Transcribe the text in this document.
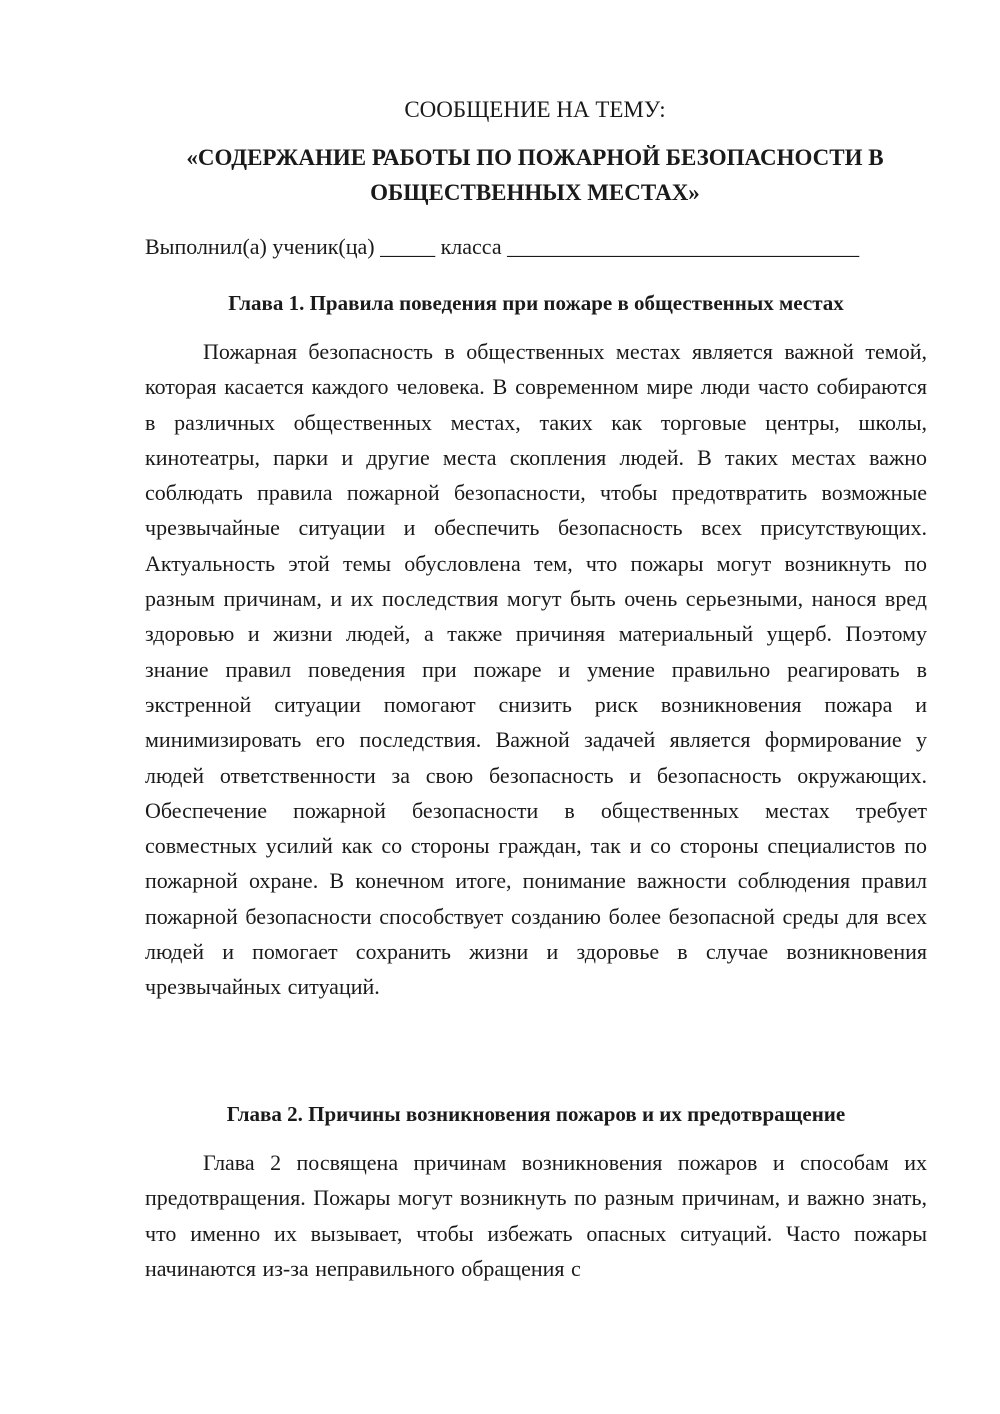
СООБЩЕНИЕ НА ТЕМУ:

«СОДЕРЖАНИЕ РАБОТЫ ПО ПОЖАРНОЙ БЕЗОПАСНОСТИ В ОБЩЕСТВЕННЫХ МЕСТАХ»
Выполнил(а) ученик(ца) _____ класса ________________________________
Глава 1. Правила поведения при пожаре в общественных местах

Пожарная безопасность в общественных местах является важной темой, которая касается каждого человека. В современном мире люди часто собираются в различных общественных местах, таких как торговые центры, школы, кинотеатры, парки и другие места скопления людей. В таких местах важно соблюдать правила пожарной безопасности, чтобы предотвратить возможные чрезвычайные ситуации и обеспечить безопасность всех присутствующих. Актуальность этой темы обусловлена тем, что пожары могут возникнуть по разным причинам, и их последствия могут быть очень серьезными, нанося вред здоровью и жизни людей, а также причиняя материальный ущерб. Поэтому знание правил поведения при пожаре и умение правильно реагировать в экстренной ситуации помогают снизить риск возникновения пожара и минимизировать его последствия. Важной задачей является формирование у людей ответственности за свою безопасность и безопасность окружающих. Обеспечение пожарной безопасности в общественных местах требует совместных усилий как со стороны граждан, так и со стороны специалистов по пожарной охране. В конечном итоге, понимание важности соблюдения правил пожарной безопасности способствует созданию более безопасной среды для всех людей и помогает сохранить жизни и здоровье в случае возникновения чрезвычайных ситуаций.

Глава 2. Причины возникновения пожаров и их предотвращение

Глава 2 посвящена причинам возникновения пожаров и способам их предотвращения. Пожары могут возникнуть по разным причинам, и важно знать, что именно их вызывает, чтобы избежать опасных ситуаций. Часто пожары начинаются из-за неправильного обращения с
